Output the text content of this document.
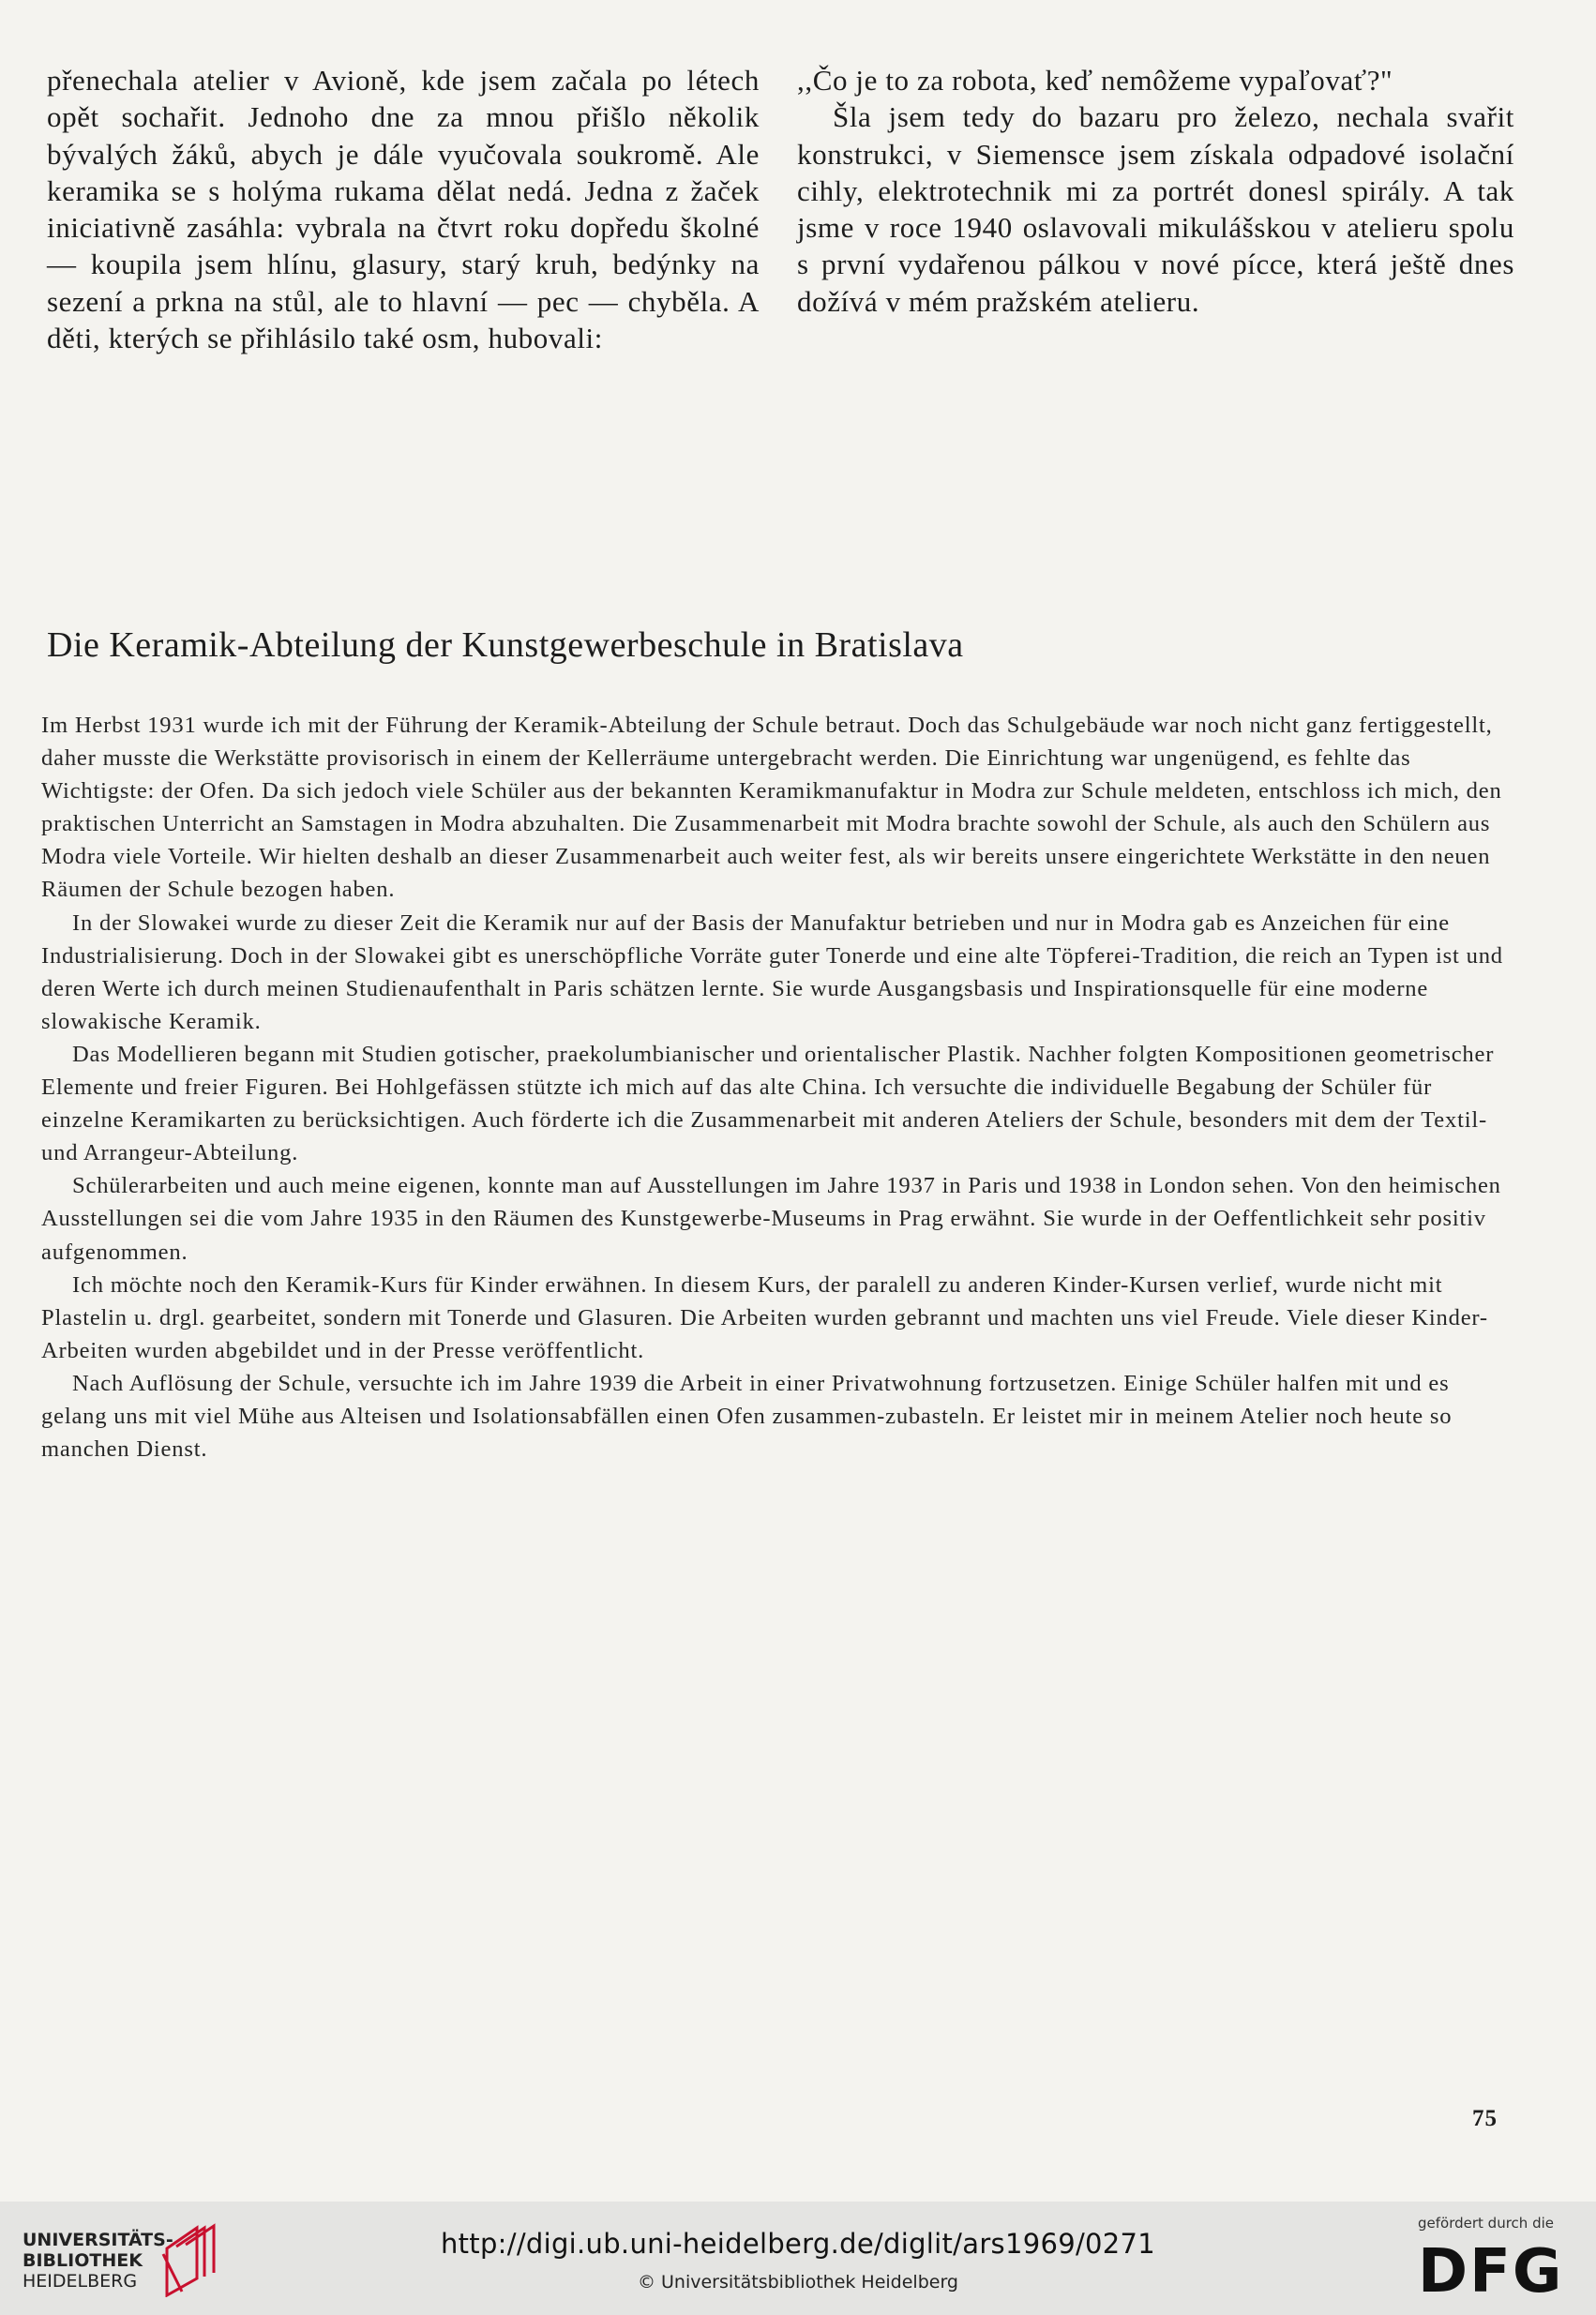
přenechala atelier v Avioně, kde jsem začala po létech opět sochařit. Jednoho dne za mnou přišlo několik bývalých žáků, abych je dále vyučovala soukromě. Ale keramika se s holýma rukama dělat nedá. Jedna z žaček iniciativně zasáhla: vybrala na čtvrt roku dopředu školné — koupila jsem hlínu, glasury, starý kruh, bedýnky na sezení a prkna na stůl, ale to hlavní — pec — chyběla. A děti, kterých se přihlásilo také osm, hubovali:

,,Čo je to za robota, keď nemôžeme vypaľovať?"

Šla jsem tedy do bazaru pro železo, nechala svařit konstrukci, v Siemensce jsem získala odpadové isolační cihly, elektrotechnik mi za portrét donesl spirály. A tak jsme v roce 1940 oslavovali mikulášskou v atelieru spolu s první vydařenou pálkou v nové pícce, která ještě dnes dožívá v mém pražském atelieru.

Die Keramik-Abteilung der Kunstgewerbeschule in Bratislava

Im Herbst 1931 wurde ich mit der Führung der Keramik-Abteilung der Schule betraut. Doch das Schulgebäude war noch nicht ganz fertiggestellt, daher musste die Werkstätte provisorisch in einem der Kellerräume untergebracht werden. Die Einrichtung war ungenügend, es fehlte das Wichtigste: der Ofen. Da sich jedoch viele Schüler aus der bekannten Keramikmanufaktur in Modra zur Schule meldeten, entschloss ich mich, den praktischen Unterricht an Samstagen in Modra abzuhalten. Die Zusammenarbeit mit Modra brachte sowohl der Schule, als auch den Schülern aus Modra viele Vorteile. Wir hielten deshalb an dieser Zusammenarbeit auch weiter fest, als wir bereits unsere eingerichtete Werkstätte in den neuen Räumen der Schule bezogen haben.

In der Slowakei wurde zu dieser Zeit die Keramik nur auf der Basis der Manufaktur betrieben und nur in Modra gab es Anzeichen für eine Industrialisierung. Doch in der Slowakei gibt es unerschöpfliche Vorräte guter Tonerde und eine alte Töpferei-Tradition, die reich an Typen ist und deren Werte ich durch meinen Studienaufenthalt in Paris schätzen lernte. Sie wurde Ausgangsbasis und Inspirationsquelle für eine moderne slowakische Keramik.

Das Modellieren begann mit Studien gotischer, praekolumbianischer und orientalischer Plastik. Nachher folgten Kompositionen geometrischer Elemente und freier Figuren. Bei Hohlgefässen stützte ich mich auf das alte China. Ich versuchte die individuelle Begabung der Schüler für einzelne Keramikarten zu berücksichtigen. Auch förderte ich die Zusammenarbeit mit anderen Ateliers der Schule, besonders mit dem der Textil- und Arrangeur-Abteilung.

Schülerarbeiten und auch meine eigenen, konnte man auf Ausstellungen im Jahre 1937 in Paris und 1938 in London sehen. Von den heimischen Ausstellungen sei die vom Jahre 1935 in den Räumen des Kunstgewerbe-Museums in Prag erwähnt. Sie wurde in der Oeffentlichkeit sehr positiv aufgenommen.

Ich möchte noch den Keramik-Kurs für Kinder erwähnen. In diesem Kurs, der paralell zu anderen Kinder-Kursen verlief, wurde nicht mit Plastelin u. drgl. gearbeitet, sondern mit Tonerde und Glasuren. Die Arbeiten wurden gebrannt und machten uns viel Freude. Viele dieser Kinder-Arbeiten wurden abgebildet und in der Presse veröffentlicht.

Nach Auflösung der Schule, versuchte ich im Jahre 1939 die Arbeit in einer Privatwohnung fortzusetzen. Einige Schüler halfen mit und es gelang uns mit viel Mühe aus Alteisen und Isolationsabfällen einen Ofen zusammen-zubasteln. Er leistet mir in meinem Atelier noch heute so manchen Dienst.

75
UNIVERSITÄTS-
BIBLIOTHEK
HEIDELBERG
http://digi.ub.uni-heidelberg.de/diglit/ars1969/0271
© Universitätsbibliothek Heidelberg
gefördert durch die
DFG
